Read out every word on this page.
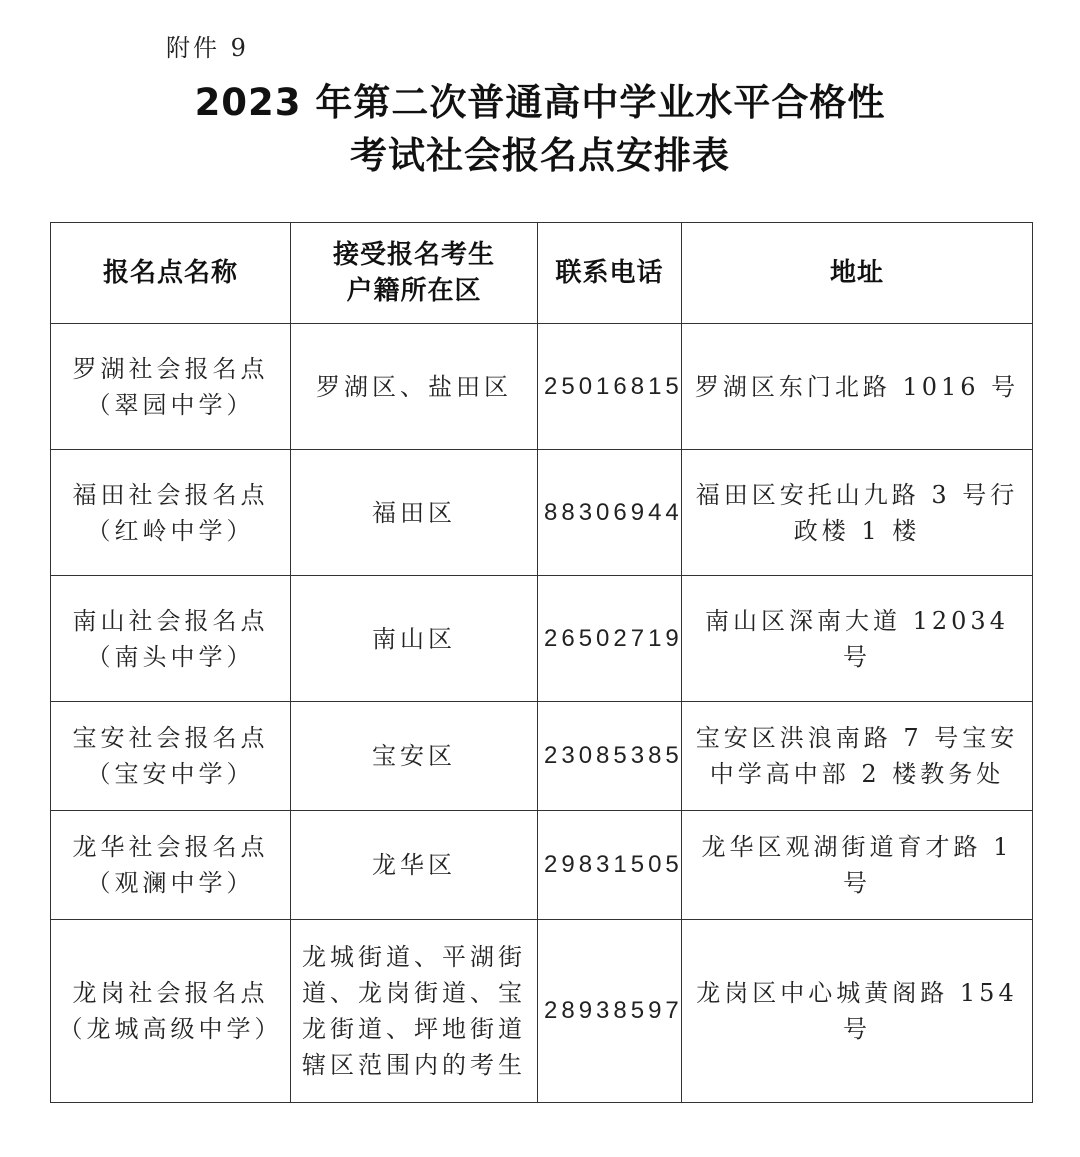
附件 9
2023 年第二次普通高中学业水平合格性
考试社会报名点安排表
报名点名称	接受报名考生户籍所在区	联系电话	地址

罗湖社会报名点
（翠园中学）	罗湖区、盐田区	25016815	罗湖区东门北路 1016 号

福田社会报名点
（红岭中学）	福田区	88306944	福田区安托山九路 3 号行政楼 1 楼

南山社会报名点
（南头中学）	南山区	26502719	南山区深南大道 12034 号

宝安社会报名点
（宝安中学）	宝安区	23085385	宝安区洪浪南路 7 号宝安中学高中部 2 楼教务处

龙华社会报名点
（观澜中学）	龙华区	29831505	龙华区观湖街道育才路 1 号

龙岗社会报名点
（龙城高级中学）	龙城街道、平湖街道、龙岗街道、宝龙街道、坪地街道辖区范围内的考生	28938597	龙岗区中心城黄阁路 154 号
